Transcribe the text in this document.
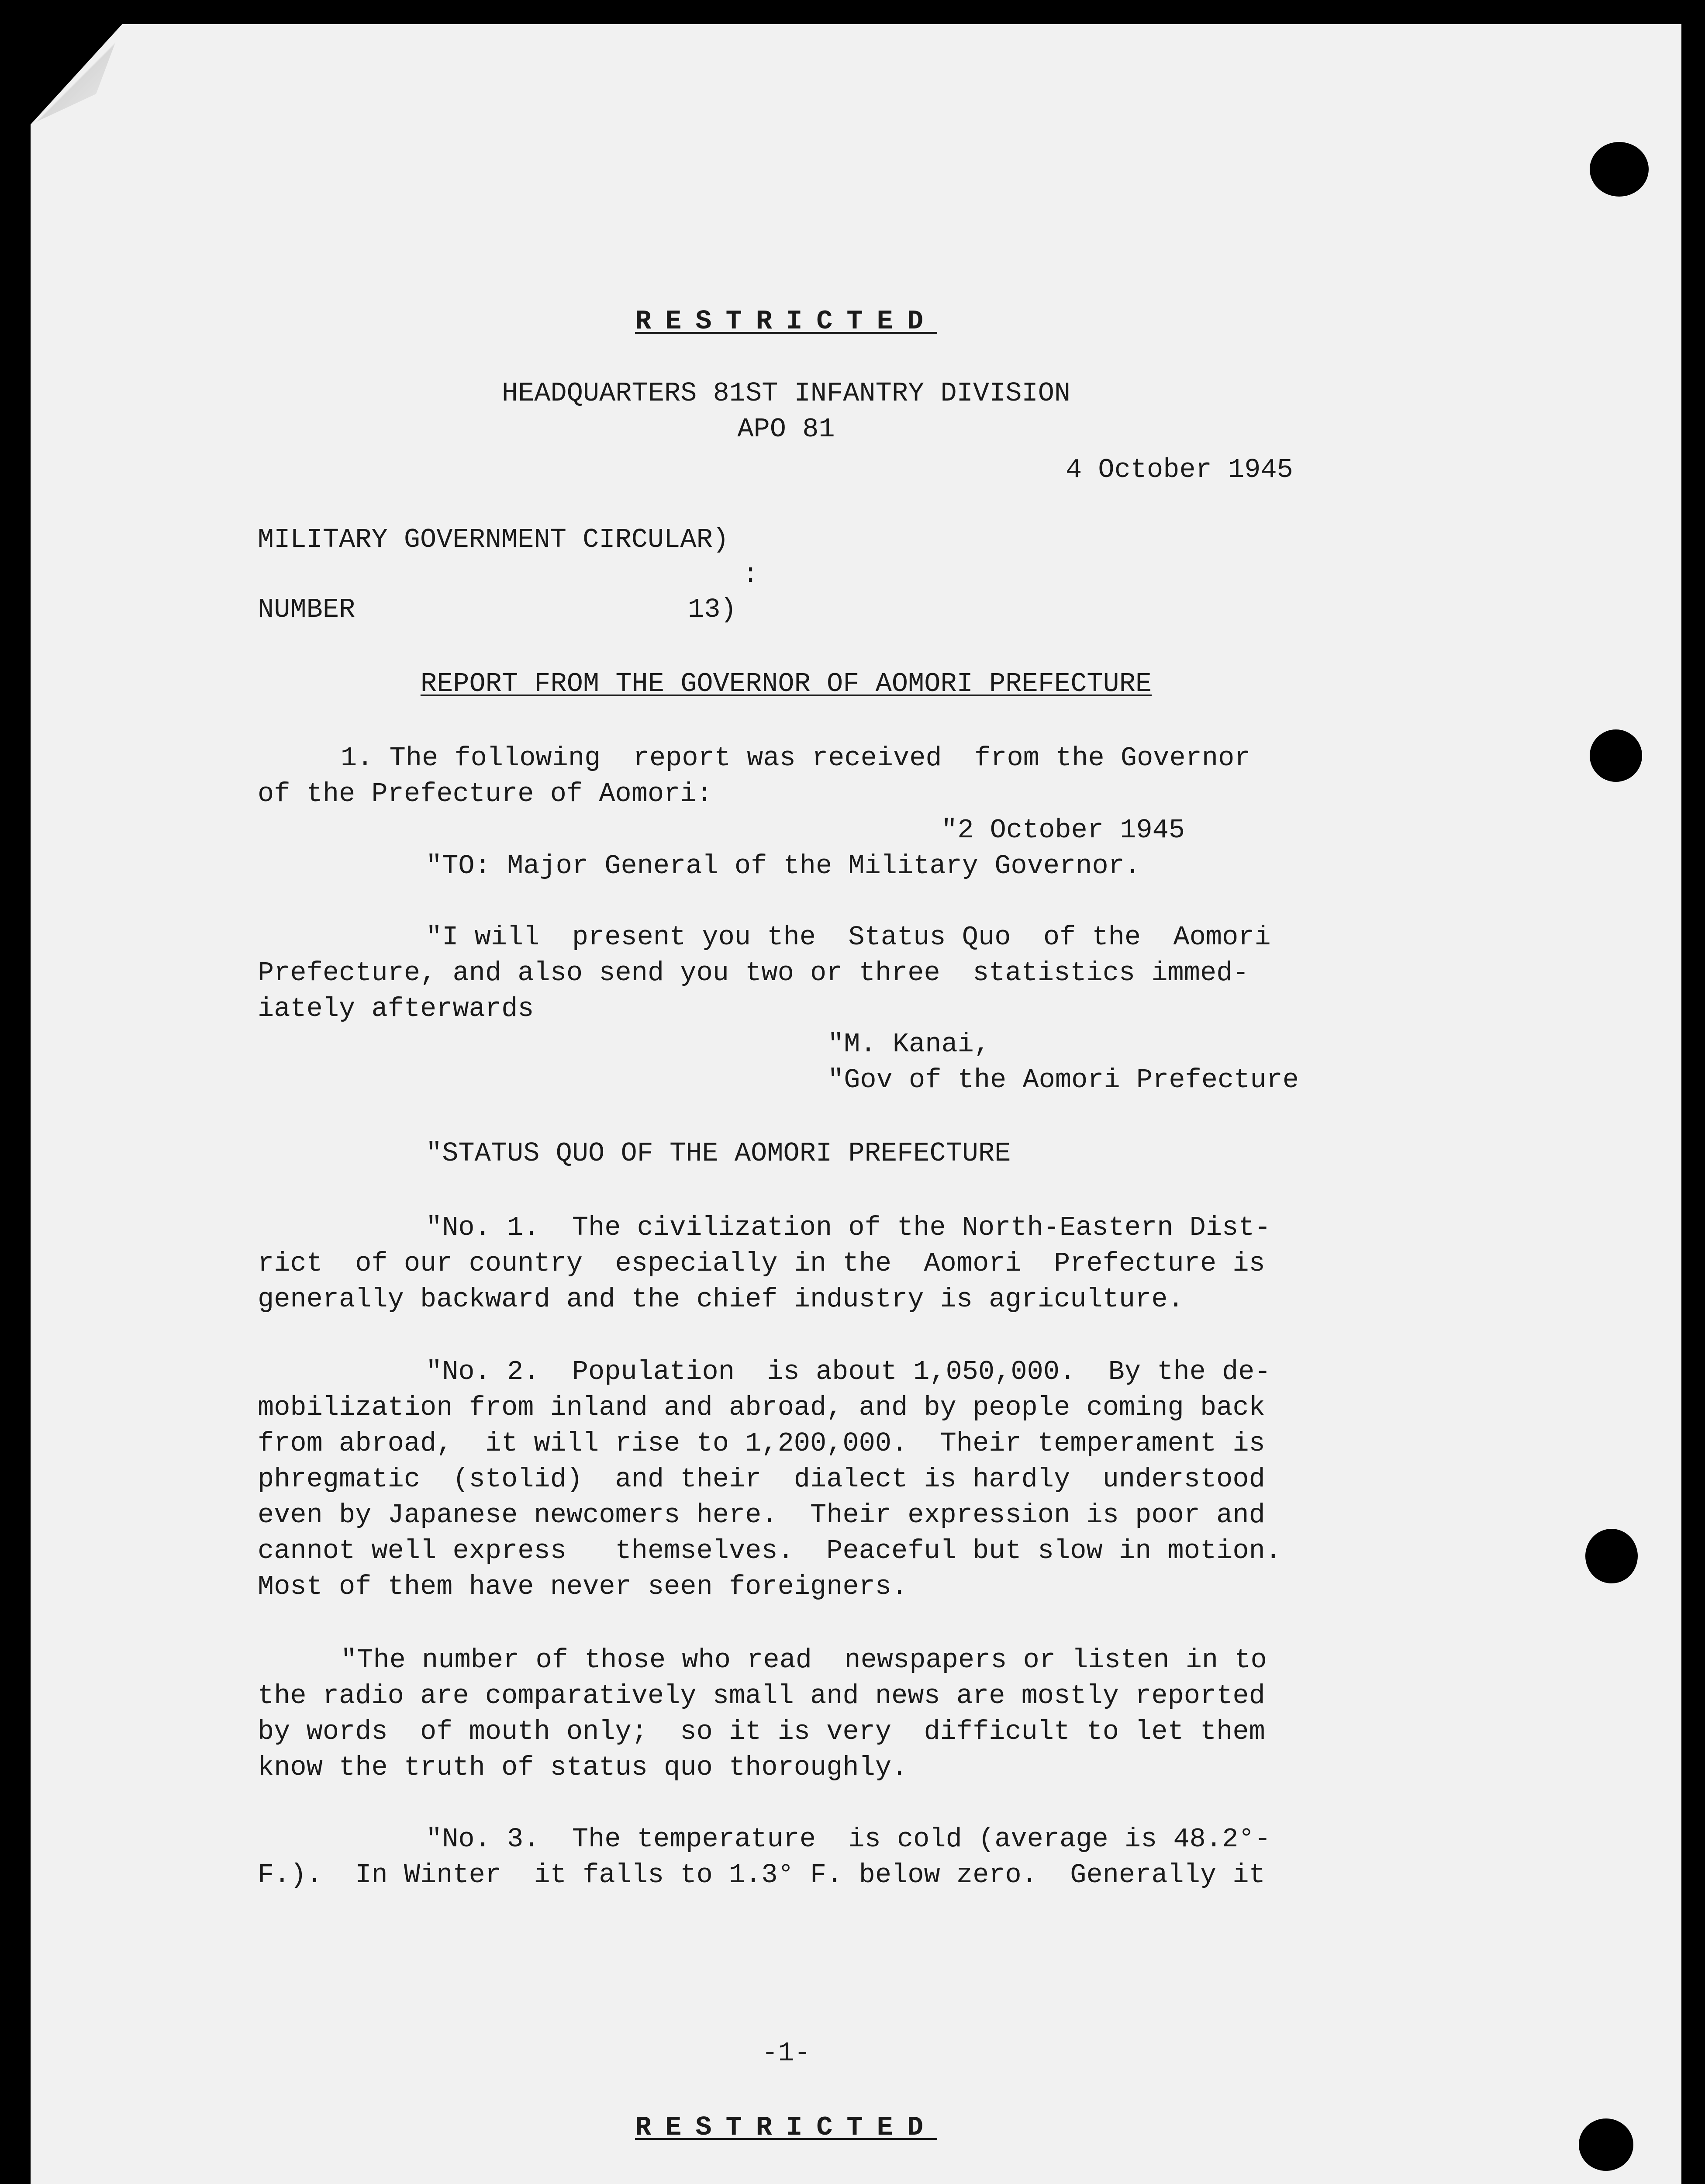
RESTRICTED
HEADQUARTERS 81ST INFANTRY DIVISION
APO 81
4 October 1945
MILITARY GOVERNMENT CIRCULAR)
:
NUMBER	13)
REPORT FROM THE GOVERNOR OF AOMORI PREFECTURE
1. The following  report was received  from the Governor
of the Prefecture of Aomori:
"2 October 1945
"TO: Major General of the Military Governor.
"I will  present you the  Status Quo  of the  Aomori
Prefecture, and also send you two or three  statistics immed-
iately afterwards
"M. Kanai,
"Gov of the Aomori Prefecture
"STATUS QUO OF THE AOMORI PREFECTURE
"No. 1.  The civilization of the North-Eastern Dist-
rict  of our country  especially in the  Aomori  Prefecture is
generally backward and the chief industry is agriculture.
"No. 2.  Population  is about 1,050,000.  By the de-
mobilization from inland and abroad, and by people coming back
from abroad,  it will rise to 1,200,000.  Their temperament is
phregmatic  (stolid)  and their  dialect is hardly  understood
even by Japanese newcomers here.  Their expression is poor and
cannot well express   themselves.  Peaceful but slow in motion.
Most of them have never seen foreigners.
"The number of those who read  newspapers or listen in to
the radio are comparatively small and news are mostly reported
by words  of mouth only;  so it is very  difficult to let them
know the truth of status quo thoroughly.
"No. 3.  The temperature  is cold (average is 48.2°-
F.).  In Winter  it falls to 1.3° F. below zero.  Generally it
-1-
RESTRICTED
